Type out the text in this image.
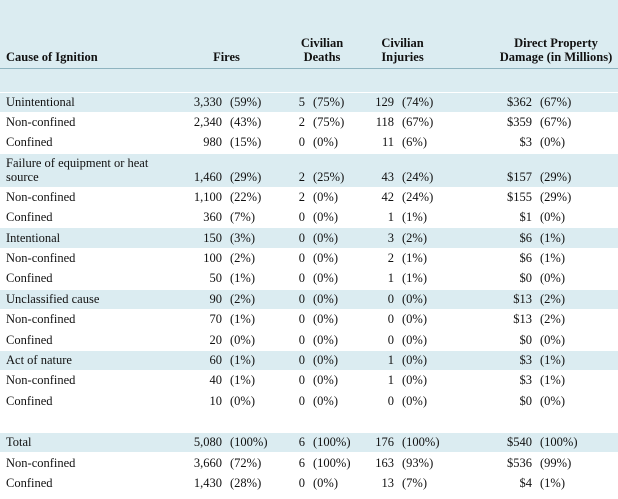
Cause of Ignition	Fires		Civilian Deaths		Civilian Injuries		Direct Property Damage (in Millions)		

Unintentional	3,330	(59%)	5	(75%)	129	(74%)		$362	(67%)
Non-confined	2,340	(43%)	2	(75%)	118	(67%)		$359	(67%)
Confined	980	(15%)	0	(0%)	11	(6%)		$3	(0%)
Failure of equipment or heat source	1,460	(29%)	2	(25%)	43	(24%)		$157	(29%)
Non-confined	1,100	(22%)	2	(0%)	42	(24%)		$155	(29%)
Confined	360	(7%)	0	(0%)	1	(1%)		$1	(0%)
Intentional	150	(3%)	0	(0%)	3	(2%)		$6	(1%)
Non-confined	100	(2%)	0	(0%)	2	(1%)		$6	(1%)
Confined	50	(1%)	0	(0%)	1	(1%)		$0	(0%)
Unclassified cause	90	(2%)	0	(0%)	0	(0%)		$13	(2%)
Non-confined	70	(1%)	0	(0%)	0	(0%)		$13	(2%)
Confined	20	(0%)	0	(0%)	0	(0%)		$0	(0%)
Act of nature	60	(1%)	0	(0%)	1	(0%)		$3	(1%)
Non-confined	40	(1%)	0	(0%)	1	(0%)		$3	(1%)
Confined	10	(0%)	0	(0%)	0	(0%)		$0	(0%)

Total	5,080	(100%)	6	(100%)	176	(100%)		$540	(100%)
Non-confined	3,660	(72%)	6	(100%)	163	(93%)		$536	(99%)
Confined	1,430	(28%)	0	(0%)	13	(7%)		$4	(1%)
